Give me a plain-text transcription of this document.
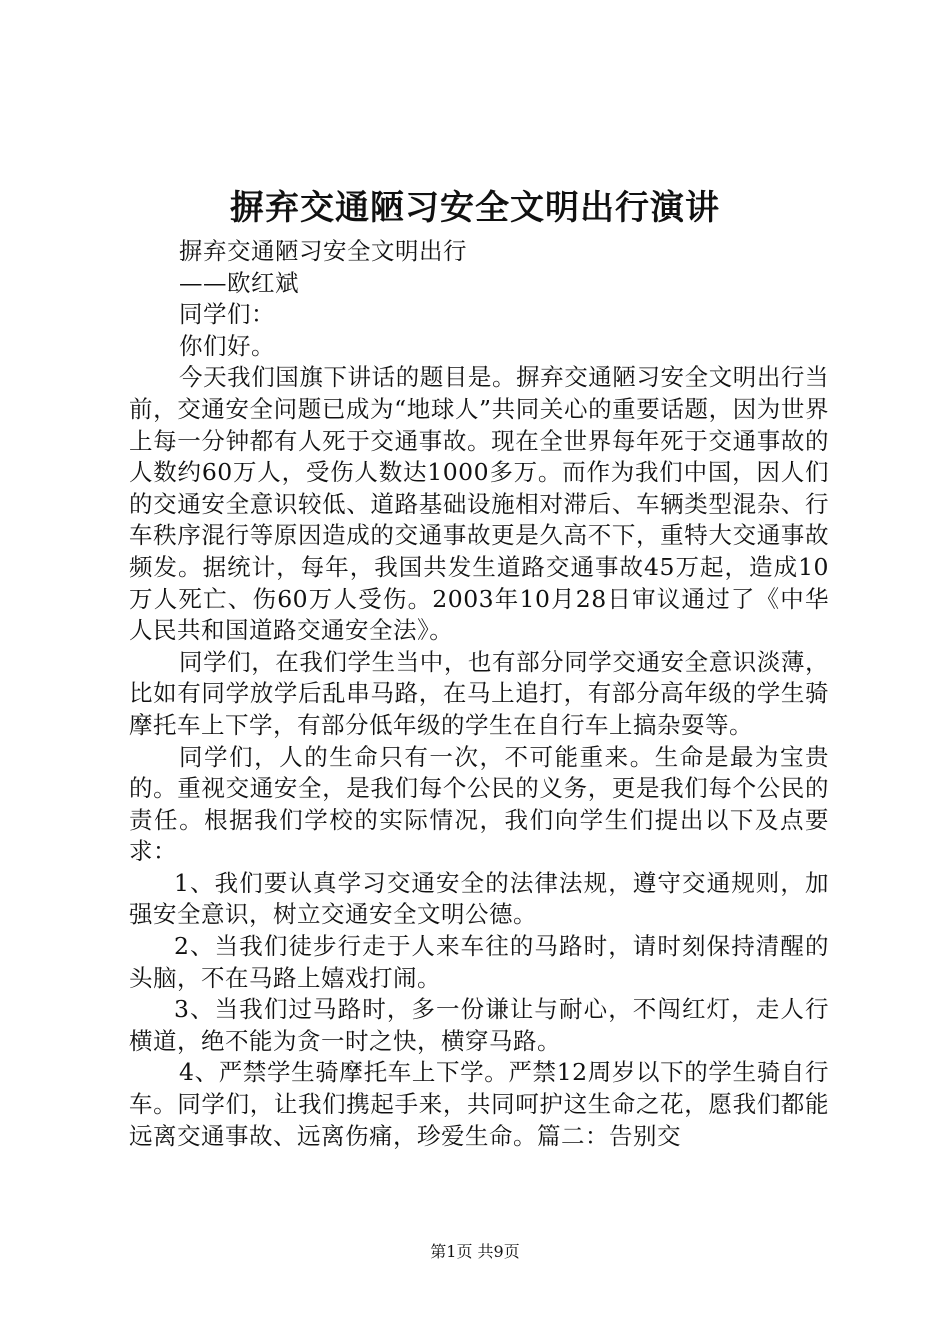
摒弃交通陋习安全文明出行演讲

摒弃交通陋习安全文明出行

——欧红斌

同学们：

你们好。

今天我们国旗下讲话的题目是。摒弃交通陋习安全文明出行当前，交通安全问题已成为“地球人”共同关心的重要话题，因为世界上每一分钟都有人死于交通事故。现在全世界每年死于交通事故的人数约60万人，受伤人数达1000多万。而作为我们中国，因人们的交通安全意识较低、道路基础设施相对滞后、车辆类型混杂、行车秩序混行等原因造成的交通事故更是久高不下，重特大交通事故频发。据统计，每年，我国共发生道路交通事故45万起，造成10万人死亡、伤60万人受伤。2003年10月28日审议通过了《中华人民共和国道路交通安全法》。

同学们，在我们学生当中，也有部分同学交通安全意识淡薄，比如有同学放学后乱串马路，在马上追打，有部分高年级的学生骑摩托车上下学，有部分低年级的学生在自行车上搞杂耍等。

同学们，人的生命只有一次，不可能重来。生命是最为宝贵的。重视交通安全，是我们每个公民的义务，更是我们每个公民的责任。根据我们学校的实际情况，我们向学生们提出以下及点要求：

1、我们要认真学习交通安全的法律法规，遵守交通规则，加强安全意识，树立交通安全文明公德。

2、当我们徒步行走于人来车往的马路时，请时刻保持清醒的头脑，不在马路上嬉戏打闹。

3、当我们过马路时，多一份谦让与耐心，不闯红灯，走人行横道，绝不能为贪一时之快，横穿马路。

4、严禁学生骑摩托车上下学。严禁12周岁以下的学生骑自行车。同学们，让我们携起手来，共同呵护这生命之花，愿我们都能远离交通事故、远离伤痛，珍爱生命。篇二：告别交

第1页 共9页
